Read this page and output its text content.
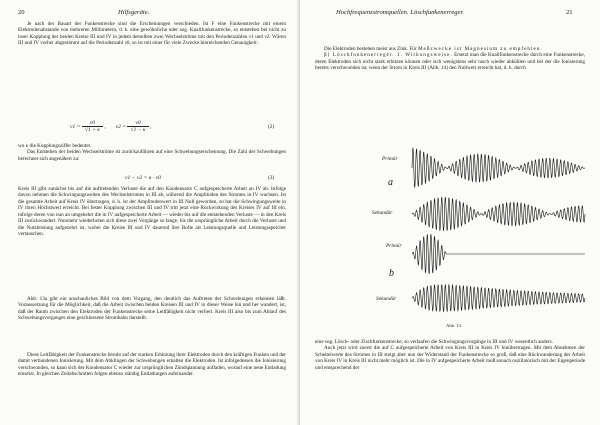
20	Hilfsgeräte.

Je nach der Bauart der Funkenstrecke sind die Erscheinungen verschieden. Ist F eine Funkenstrecke mit einem Elektrodenabstande von mehreren Millimetern, d. h. eine gewöhnliche oder sog. Knallfunkenstrecke, so entstehen bei nicht zu loser Kopplung der beiden Kreise III und IV in jedem derselben zwei Wechselströme mit den Periodenzahlen ν1 und ν2. Wären III und IV vorher abgestimmt auf die Periodenzahl ν0, so ist mit einer für viele Zwecke hinreichenden Genauigkeit:

$\nu 1 = \frac{\nu 0}{√1 + \kappa}$ , $\nu 2 = \frac{\nu 0}{√1 - \kappa}$ ,	(2)

wo κ die Kopplungsziffer bedeutet.

Das Entstehen der beiden Wechselströme ist zurückzuführen auf eine Schwebungserscheinung. Die Zahl der Schwebungen berechnet sich angenähert zu:

ν1 − ν2 = κ · ν0	(3)

Kreis III gibt zunächst bis auf die auftretenden Verluste die auf den Kondensator C aufgespeicherte Arbeit an IV ab. Infolge davon nehmen die Schwingungsweiten des Wechselstromes in III ab, während die Amplituden des Stromes in IV wachsen. Ist die gesamte Arbeit auf Kreis IV übertragen, d. h. ist der Amplitudenwert in III Null geworden, so hat die Schwingungsweite in IV ihren Höchstwert erreicht. Bei fester Kopplung zwischen III und IV tritt jetzt eine Rückwirkung des Kreises IV auf III ein, infolge deren von nun an umgekehrt die in IV aufgespeicherte Arbeit — wieder bis auf die entstehenden Verluste — in den Kreis III zurückwandert. Nunmehr wiederholen sich diese zwei Vorgänge so lange, bis die ursprüngliche Arbeit durch die Verluste und die Nutzleistung aufgezehrt ist, wobei die Kreise III und IV dauernd ihre Rolle als Leistungsquelle und Leistungsspeicher vertauschen.

Abb. 13a gibt ein anschauliches Bild von dem Vorgang, den deutlich das Auftreten der Schwebungen erkennen läßt. Voraussetzung für die Möglichkeit, daß die Arbeit zwischen beiden Kreisen III und IV in dieser Weise hin und her wandert, ist, daß der Raum zwischen den Elektroden der Funkenstrecke seine Leitfähigkeit nicht verliert. Kreis III also bis zum Ablauf des Schwebungsvorganges eine geschlossene Strombahn darstellt.

Diese Leitfähigkeit der Funkenstrecke beruht auf der starken Erhitzung ihrer Elektroden durch den kräftigen Funken und der damit verbundenen Ionisierung. Mit dem Abklingen der Schwebungen erkalten die Elektroden. Ist infolgedessen die Ionisierung verschwunden, so kann sich der Kondensator C wieder zur ursprünglichen Zündspannung aufladen, worauf eine neue Entladung einsetzt. In gleichen Zeitabschnitten folgen ebenso ständig Entladungen aufeinander.

Hochfrequenzstromquellen. Löschfunkenerreger.	21

Die Elektroden bestehen meist aus Zink. Für Meßzwecke ist Magnesium zu empfehlen.

β) Löschfunkenerreger. 1. Wirkungsweise. Ersetzt man die Knallfunkenstrecke durch eine Funkenstrecke, deren Elektroden sich nicht stark erhitzen können oder sich wenigstens sehr rasch wieder abkühlen und bei der die Ionisierung bereits verschwunden ist, wenn der Strom in Kreis III (Abb. 14) den Nullwert erreicht hat, d. h. durch

Primär
a
Sekundär
Primär
b
Sekundär
Abb. 13.

eine sog. Lösch- oder Zischfunkenstrecke, so verlaufen die Schwingungsvorgänge in III und IV wesentlich anders.

Auch jetzt wird zuerst die auf C aufgespeicherte Arbeit von Kreis III in Kreis IV hinübertragen. Mit dem Abnehmen der Scheitelwerte des Stromes in III steigt aber nun der Widerstand der Funkenstrecke so groß, daß eine Rückwanderung der Arbeit von Kreis IV in Kreis III nicht mehr möglich ist. Die in IV aufgespeicherte Arbeit muß sonach oszillatorisch mit der Eigenperiode und entsprechend der
